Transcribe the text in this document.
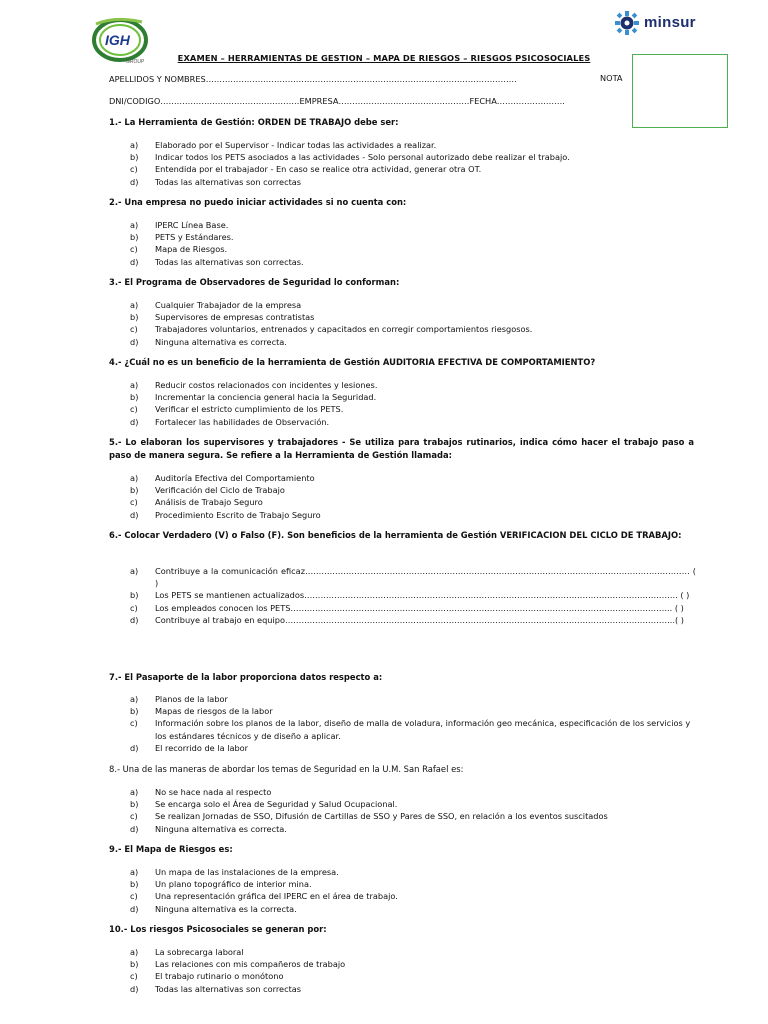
IGH
GROUP
minsur
EXAMEN – HERRAMIENTAS DE GESTION – MAPA DE RIESGOS – RIESGOS PSICOSOCIALES
APELLIDOS Y NOMBRES……………………………………………………………………………………………………	NOTA
DNI/CODIGO……………………………………………EMPRESA…………………………………………FECHA…………………….
1.- La Herramienta de Gestión: ORDEN DE TRABAJO debe ser:
a)	Elaborado por el Supervisor - Indicar todas las actividades a realizar.
b)	Indicar todos los PETS asociados a las actividades - Solo personal autorizado debe realizar el trabajo.
c)	Entendida por el trabajador - En caso se realice otra actividad, generar otra OT.
d)	Todas las alternativas son correctas
2.- Una empresa no puedo iniciar actividades si no cuenta con:
a)	IPERC Línea Base.
b)	PETS y Estándares.
c)	Mapa de Riesgos.
d)	Todas las alternativas son correctas.
3.- El Programa de Observadores de Seguridad lo conforman:
a)	Cualquier Trabajador de la empresa
b)	Supervisores de empresas contratistas
c)	Trabajadores voluntarios, entrenados y capacitados en corregir comportamientos riesgosos.
d)	Ninguna alternativa es correcta.
4.- ¿Cuál no es un beneficio de la herramienta de Gestión AUDITORIA EFECTIVA DE COMPORTAMIENTO?
a)	Reducir costos relacionados con incidentes y lesiones.
b)	Incrementar la conciencia general hacia la Seguridad.
c)	Verificar el estricto cumplimiento de los PETS.
d)	Fortalecer las habilidades de Observación.
5.- Lo elaboran los supervisores y trabajadores - Se utiliza para trabajos rutinarios, indica cómo hacer el trabajo paso a paso de manera segura. Se refiere a la Herramienta de Gestión llamada:
a)	Auditoría Efectiva del Comportamiento
b)	Verificación del Ciclo de Trabajo
c)	Análisis de Trabajo Seguro
d)	Procedimiento Escrito de Trabajo Seguro
6.- Colocar Verdadero (V) o Falso (F). Son beneficios de la herramienta de Gestión VERIFICACION DEL CICLO DE TRABAJO:
a)	Contribuye a la comunicación eficaz…………………………………………………………………………………………………………………………… ( )
b)	Los PETS se mantienen actualizados……………………………………………………………………………………………………………………….. ( )
c)	Los empleados conocen los PETS………………………………………………………………………………………………………………………….. ( )
d)	Contribuye al trabajo en equipo……………………………………………………………………………………………………………………………..( )
7.- El Pasaporte de la labor proporciona datos respecto a:
a)	Planos de la labor
b)	Mapas de riesgos de la labor
c)	Información sobre los planos de la labor, diseño de malla de voladura, información geo mecánica, especificación de los servicios y los estándares técnicos y de diseño a aplicar.
d)	El recorrido de la labor
8.- Una de las maneras de abordar los temas de Seguridad en la U.M. San Rafael es:
a)	No se hace nada al respecto
b)	Se encarga solo el Área de Seguridad y Salud Ocupacional.
c)	Se realizan Jornadas de SSO, Difusión de Cartillas de SSO y Pares de SSO, en relación a los eventos suscitados
d)	Ninguna alternativa es correcta.
9.- El Mapa de Riesgos es:
a)	Un mapa de las instalaciones de la empresa.
b)	Un plano topográfico de interior mina.
c)	Una representación gráfica del IPERC en el área de trabajo.
d)	Ninguna alternativa es la correcta.
10.- Los riesgos Psicosociales se generan por:
a)	La sobrecarga laboral
b)	Las relaciones con mis compañeros de trabajo
c)	El trabajo rutinario o monótono
d)	Todas las alternativas son correctas
